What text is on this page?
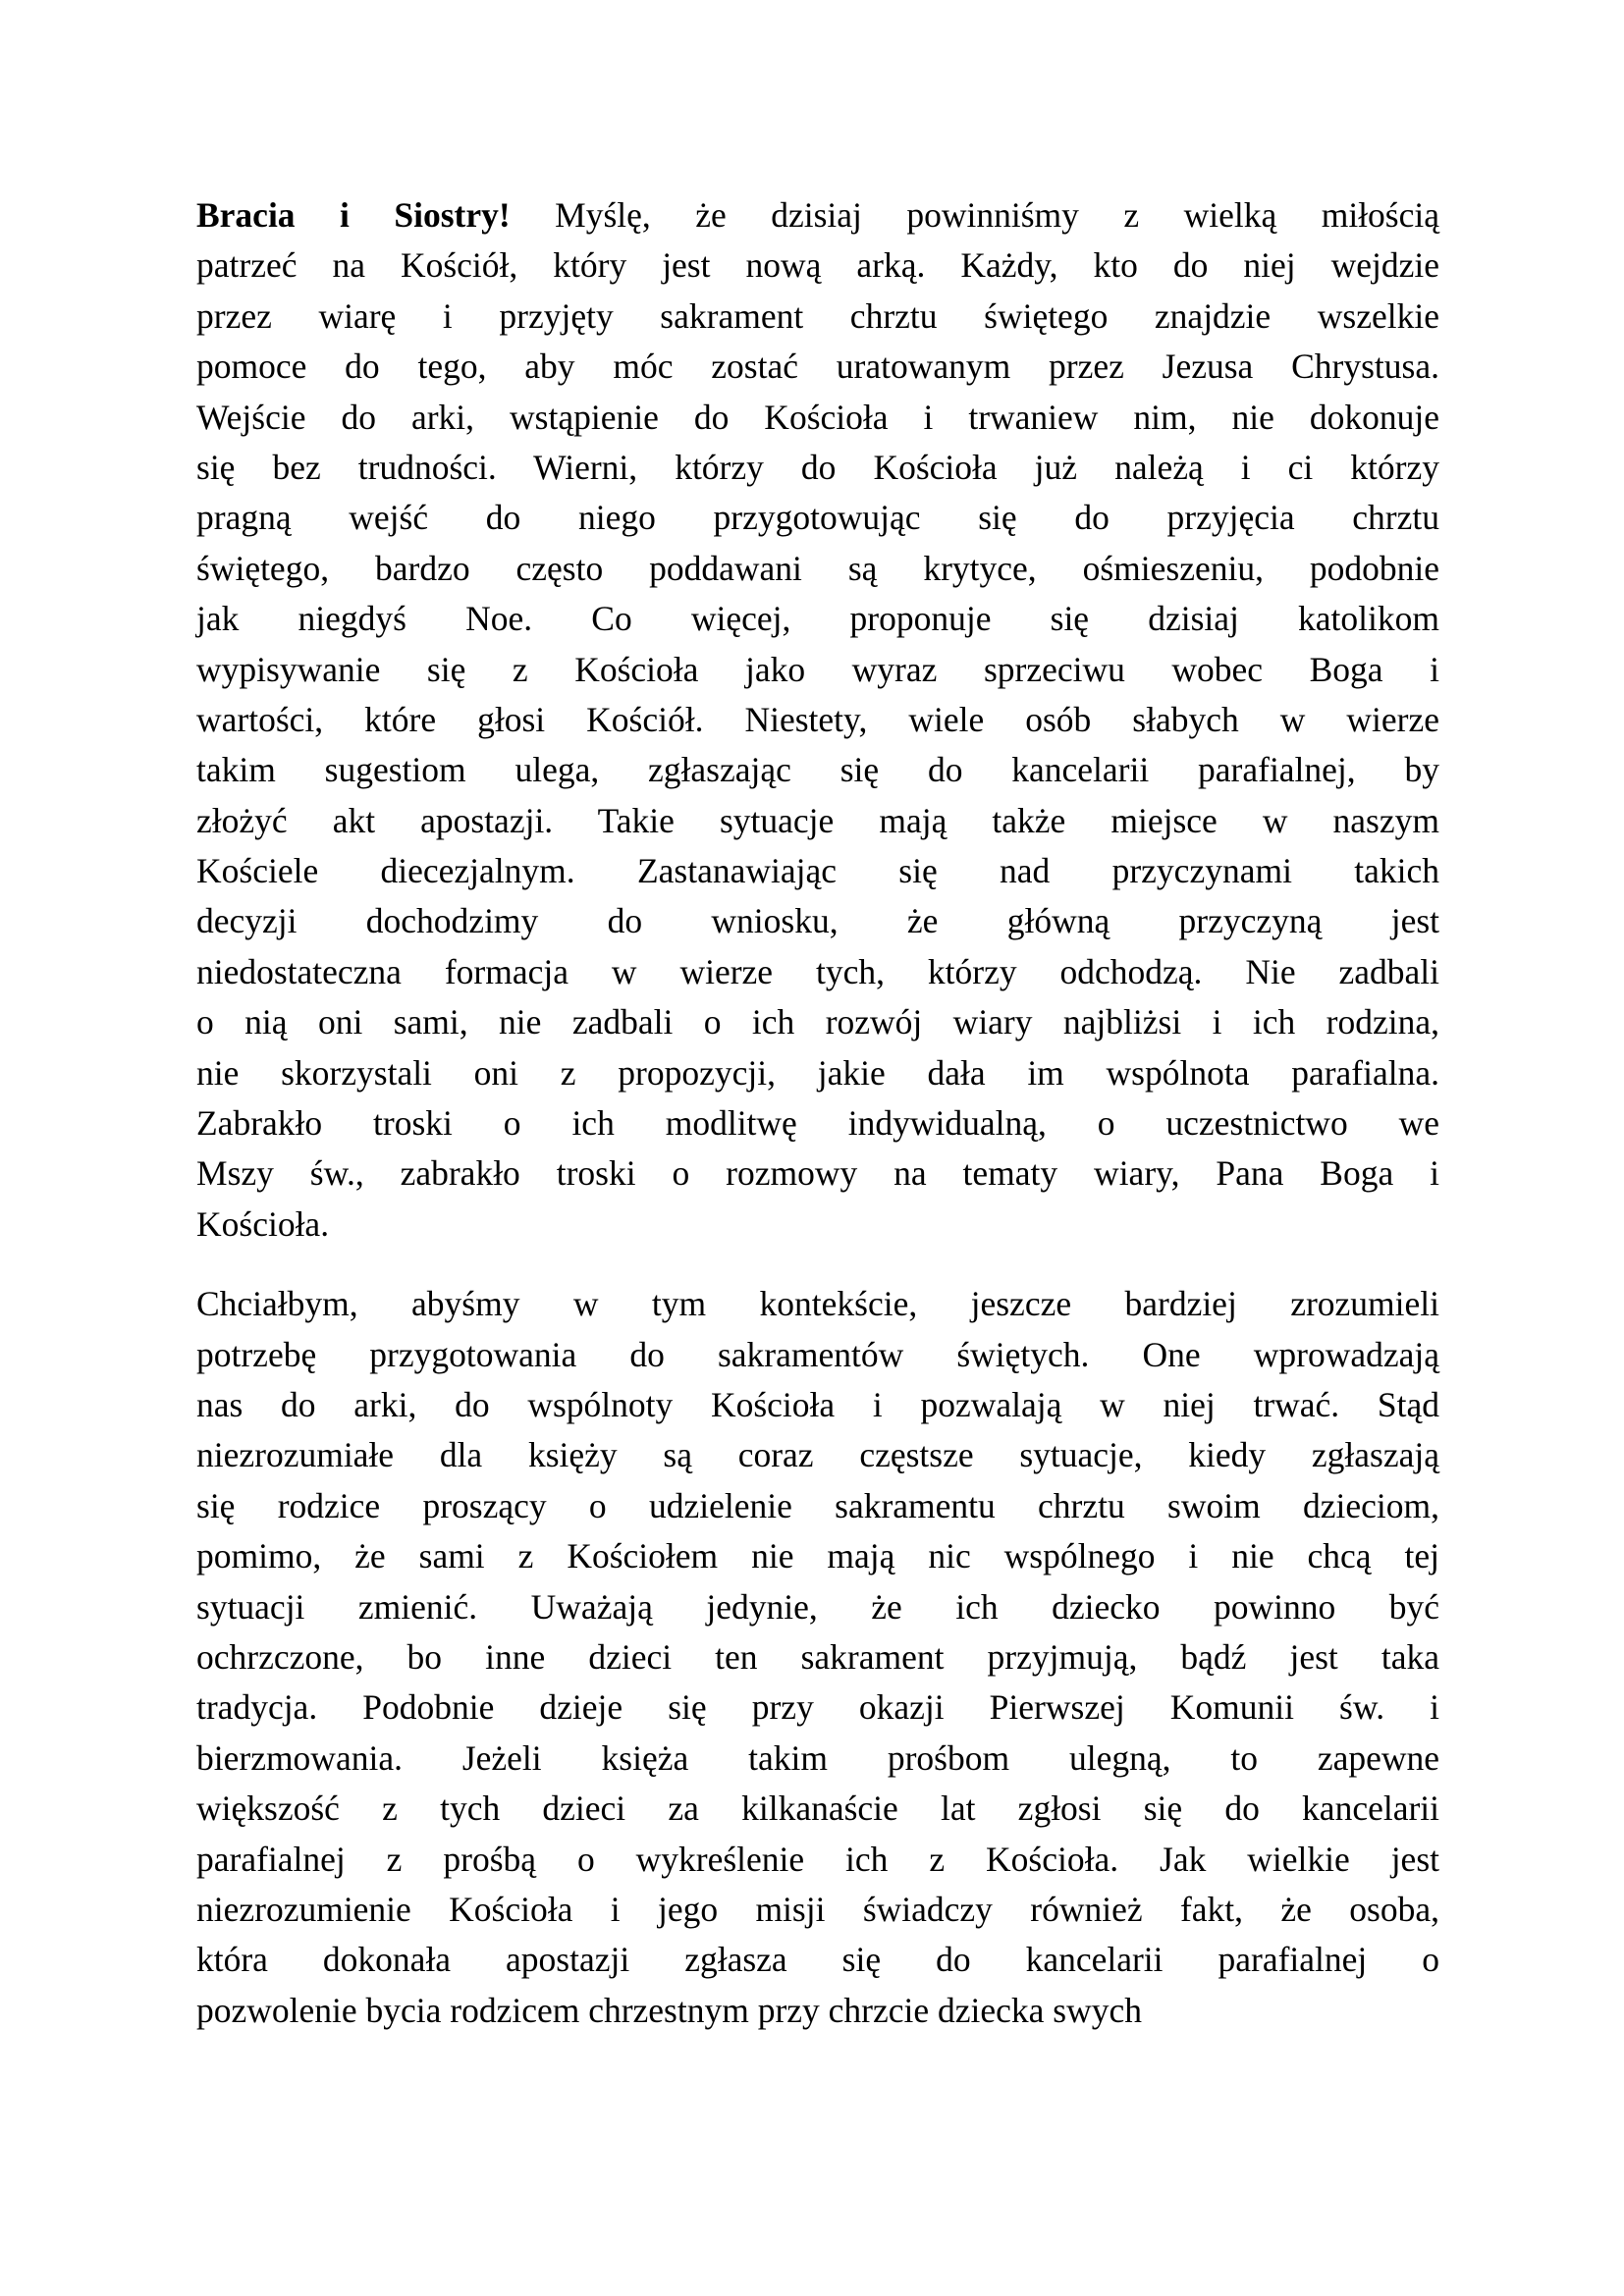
Bracia i Siostry! Myślę, że dzisiaj powinniśmy z wielką miłością
patrzeć na Kościół, który jest nową arką. Każdy, kto do niej wejdzie
przez wiarę i przyjęty sakrament chrztu świętego znajdzie wszelkie
pomoce do tego, aby móc zostać uratowanym przez Jezusa Chrystusa.
Wejście do arki, wstąpienie do Kościoła i trwaniew nim, nie dokonuje
się bez trudności. Wierni, którzy do Kościoła już należą i ci którzy
pragną wejść do niego przygotowując się do przyjęcia chrztu
świętego, bardzo często poddawani są krytyce, ośmieszeniu, podobnie
jak niegdyś Noe. Co więcej, proponuje się dzisiaj katolikom
wypisywanie się z Kościoła jako wyraz sprzeciwu wobec Boga i
wartości, które głosi Kościół. Niestety, wiele osób słabych w wierze
takim sugestiom ulega, zgłaszając się do kancelarii parafialnej, by
złożyć akt apostazji. Takie sytuacje mają także miejsce w naszym
Kościele diecezjalnym. Zastanawiając się nad przyczynami takich
decyzji dochodzimy do wniosku, że główną przyczyną jest
niedostateczna formacja w wierze tych, którzy odchodzą. Nie zadbali
o nią oni sami, nie zadbali o ich rozwój wiary najbliżsi i ich rodzina,
nie skorzystali oni z propozycji, jakie dała im wspólnota parafialna.
Zabrakło troski o ich modlitwę indywidualną, o uczestnictwo we
Mszy św., zabrakło troski o rozmowy na tematy wiary, Pana Boga i
Kościoła.
Chciałbym, abyśmy w tym kontekście, jeszcze bardziej zrozumieli
potrzebę przygotowania do sakramentów świętych. One wprowadzają
nas do arki, do wspólnoty Kościoła i pozwalają w niej trwać. Stąd
niezrozumiałe dla księży są coraz częstsze sytuacje, kiedy zgłaszają
się rodzice proszący o udzielenie sakramentu chrztu swoim dzieciom,
pomimo, że sami z Kościołem nie mają nic wspólnego i nie chcą tej
sytuacji zmienić. Uważają jedynie, że ich dziecko powinno być
ochrzczone, bo inne dzieci ten sakrament przyjmują, bądź jest taka
tradycja. Podobnie dzieje się przy okazji Pierwszej Komunii św. i
bierzmowania. Jeżeli księża takim prośbom ulegną, to zapewne
większość z tych dzieci za kilkanaście lat zgłosi się do kancelarii
parafialnej z prośbą o wykreślenie ich z Kościoła. Jak wielkie jest
niezrozumienie Kościoła i jego misji świadczy również fakt, że osoba,
która dokonała apostazji zgłasza się do kancelarii parafialnej o
pozwolenie bycia rodzicem chrzestnym przy chrzcie dziecka swych
